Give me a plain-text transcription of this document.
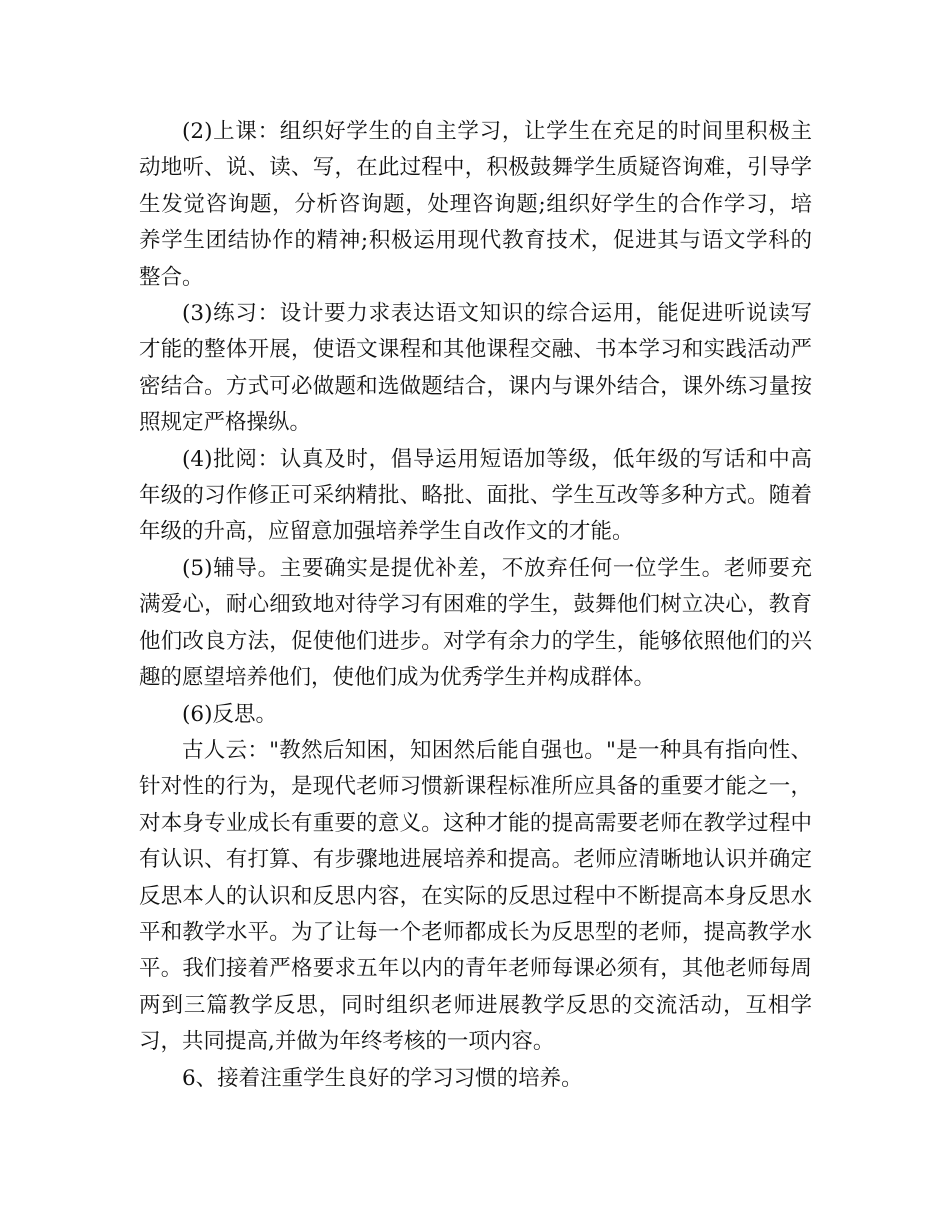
(2)上课：组织好学生的自主学习，让学生在充足的时间里积极主动地听、说、读、写，在此过程中，积极鼓舞学生质疑咨询难，引导学生发觉咨询题，分析咨询题，处理咨询题;组织好学生的合作学习，培养学生团结协作的精神;积极运用现代教育技术，促进其与语文学科的整合。

(3)练习：设计要力求表达语文知识的综合运用，能促进听说读写才能的整体开展，使语文课程和其他课程交融、书本学习和实践活动严密结合。方式可必做题和选做题结合，课内与课外结合，课外练习量按照规定严格操纵。

(4)批阅：认真及时，倡导运用短语加等级，低年级的写话和中高年级的习作修正可采纳精批、略批、面批、学生互改等多种方式。随着年级的升高，应留意加强培养学生自改作文的才能。

(5)辅导。主要确实是提优补差，不放弃任何一位学生。老师要充满爱心，耐心细致地对待学习有困难的学生，鼓舞他们树立决心，教育他们改良方法，促使他们进步。对学有余力的学生，能够依照他们的兴趣的愿望培养他们，使他们成为优秀学生并构成群体。

(6)反思。

古人云："教然后知困，知困然后能自强也。"是一种具有指向性、针对性的行为，是现代老师习惯新课程标准所应具备的重要才能之一，对本身专业成长有重要的意义。这种才能的提高需要老师在教学过程中有认识、有打算、有步骤地进展培养和提高。老师应清晰地认识并确定反思本人的认识和反思内容，在实际的反思过程中不断提高本身反思水平和教学水平。为了让每一个老师都成长为反思型的老师，提高教学水平。我们接着严格要求五年以内的青年老师每课必须有，其他老师每周两到三篇教学反思，同时组织老师进展教学反思的交流活动，互相学习，共同提高,并做为年终考核的一项内容。

6、接着注重学生良好的学习习惯的培养。
